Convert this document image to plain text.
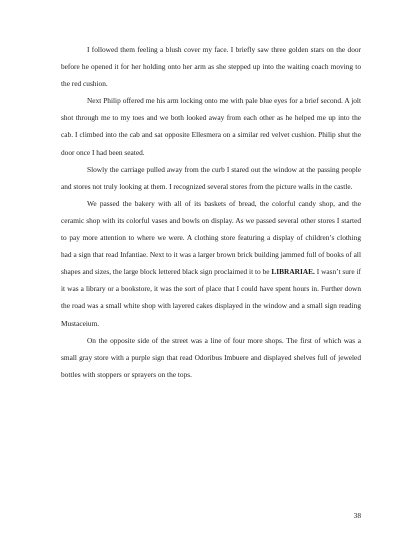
I followed them feeling a blush cover my face. I briefly saw three golden stars on the door before he opened it for her holding onto her arm as she stepped up into the waiting coach moving to the red cushion.

Next Philip offered me his arm locking onto me with pale blue eyes for a brief second. A jolt shot through me to my toes and we both looked away from each other as he helped me up into the cab. I climbed into the cab and sat opposite Ellesmera on a similar red velvet cushion. Philip shut the door once I had been seated.

Slowly the carriage pulled away from the curb I stared out the window at the passing people and stores not truly looking at them. I recognized several stores from the picture walls in the castle.

We passed the bakery with all of its baskets of bread, the colorful candy shop, and the ceramic shop with its colorful vases and bowls on display. As we passed several other stores I started to pay more attention to where we were. A clothing store featuring a display of children’s clothing had a sign that read Infantiae. Next to it was a larger brown brick building jammed full of books of all shapes and sizes, the large block lettered black sign proclaimed it to be LIBRARIAE. I wasn’t sure if it was a library or a bookstore, it was the sort of place that I could have spent hours in. Further down the road was a small white shop with layered cakes displayed in the window and a small sign reading Mustaceium.

On the opposite side of the street was a line of four more shops. The first of which was a small gray store with a purple sign that read Odoribus Imbuere and displayed shelves full of jeweled bottles with stoppers or sprayers on the tops.

38
